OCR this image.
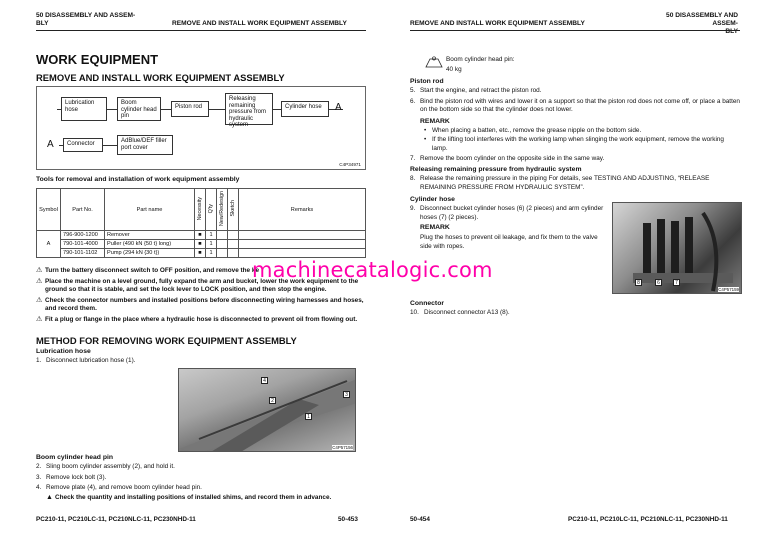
50 DISASSEMBLY AND ASSEM-
BLY	REMOVE AND INSTALL WORK EQUIPMENT ASSEMBLY
WORK EQUIPMENT
REMOVE AND INSTALL WORK EQUIPMENT ASSEMBLY
Lubrication hose
Boom cylinder head pin
Piston rod
Releasing remaining pressure from hydraulic system
Cylinder hose	A
A	Connector	AdBlue/DEF filler port cover
C4P34971
Tools for removal and installation of work equipment assembly
Symbol	Part No.	Part name	Necessity	Q'ty	New/Redesign	Sketch	Remarks
A	796-900-1200	Remover	■	1			
	790-101-4000	Puller (490 kN {50 t} long)	■	1			
	790-101-1102	Pump (294 kN {30 t})	■	1			
⚠ Turn the battery disconnect switch to OFF position, and remove the ke
⚠ Place the machine on a level ground, fully expand the arm and bucket, lower the work equipment to the ground so that it is stable, and set the lock lever to LOCK position, and then stop the engine.
⚠ Check the connector numbers and installed positions before disconnecting wiring harnesses and hoses, and record them.
⚠ Fit a plug or flange in the place where a hydraulic hose is disconnected to prevent oil from flowing out.
METHOD FOR REMOVING WORK EQUIPMENT ASSEMBLY
Lubrication hose
1. Disconnect lubrication hose (1).
4
2
3
1
C4P57156
Boom cylinder head pin
2. Sling boom cylinder assembly (2), and hold it.
3. Remove lock bolt (3).
4. Remove plate (4), and remove boom cylinder head pin.
▲ Check the quantity and installing positions of installed shims, and record them in advance.
PC210-11, PC210LC-11, PC210NLC-11, PC230NHD-11	50-453
REMOVE AND INSTALL WORK EQUIPMENT ASSEMBLY
50 DISASSEMBLY AND ASSEM-
BLY
Boom cylinder head pin:
40 kg
Piston rod
5. Start the engine, and retract the piston rod.
6. Bind the piston rod with wires and lower it on a support so that the piston rod does not come off, or place a batten on the bottom side so that the cylinder does not lower.
REMARK
• When placing a batten, etc., remove the grease nipple on the bottom side.
• If the lifting tool interferes with the working lamp when slinging the work equipment, remove the working lamp.
7. Remove the boom cylinder on the opposite side in the same way.
Releasing remaining pressure from hydraulic system
8. Release the remaining pressure in the piping For details, see TESTING AND ADJUSTING, “RELEASE REMAINING PRESSURE FROM HYDRAULIC SYSTEM”.
Cylinder hose
9. Disconnect bucket cylinder hoses (6) (2 pieces) and arm cylinder hoses (7) (2 pieces).
REMARK
Plug the hoses to prevent oil leakage, and fix them to the valve side with ropes.
8	6	7
C4P57159
Connector
10. Disconnect connector A13 (8).
50-454	PC210-11, PC210LC-11, PC210NLC-11, PC230NHD-11
machinecatalogic.com
